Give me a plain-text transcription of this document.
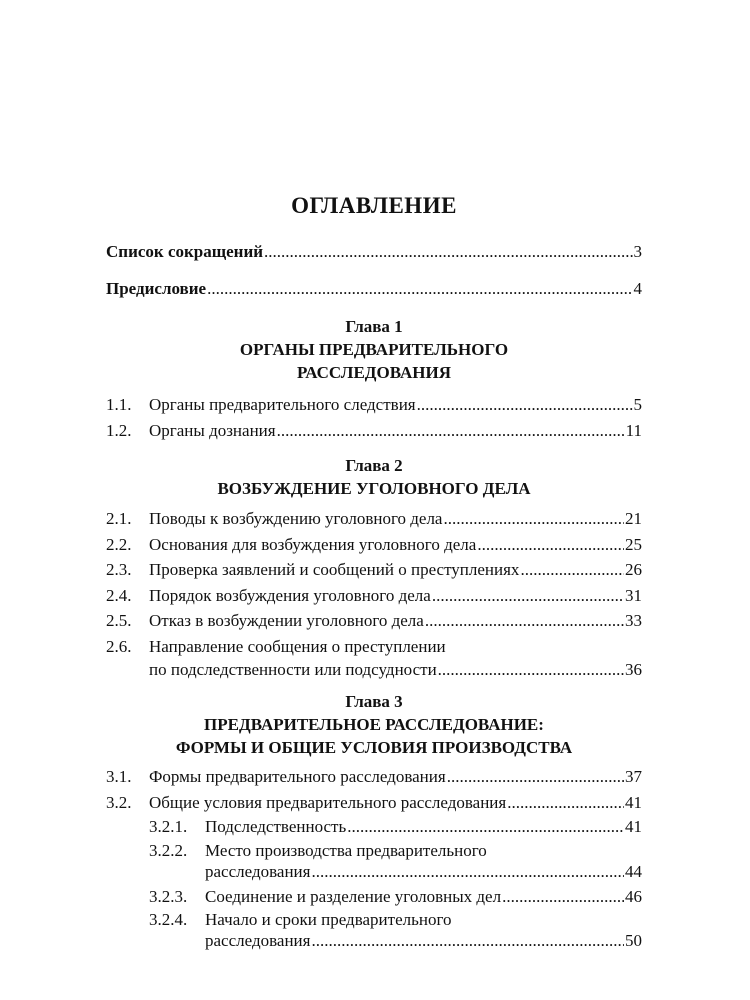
ОГЛАВЛЕНИЕ
Список сокращений .....	3
Предисловие .....	4
Глава 1
ОРГАНЫ ПРЕДВАРИТЕЛЬНОГО
РАССЛЕДОВАНИЯ
1.1.	Органы предварительного следствия .....	5
1.2.	Органы дознания .....	11
Глава 2
ВОЗБУЖДЕНИЕ УГОЛОВНОГО ДЕЛА
2.1.	Поводы к возбуждению уголовного дела .....	21
2.2.	Основания для возбуждения уголовного дела .....	25
2.3.	Проверка заявлений и сообщений о преступлениях .....	26
2.4.	Порядок возбуждения уголовного дела .....	31
2.5.	Отказ в возбуждении уголовного дела .....	33
2.6.	Направление сообщения о преступлении
по подследственности или подсудности .....	36
Глава 3
ПРЕДВАРИТЕЛЬНОЕ РАССЛЕДОВАНИЕ:
ФОРМЫ И ОБЩИЕ УСЛОВИЯ ПРОИЗВОДСТВА
3.1.	Формы предварительного расследования .....	37
3.2.	Общие условия предварительного расследования .....	41
3.2.1.	Подследственность .....	41
3.2.2.	Место производства предварительного
расследования .....	44
3.2.3.	Соединение и разделение уголовных дел .....	46
3.2.4.	Начало и сроки предварительного
расследования .....	50
